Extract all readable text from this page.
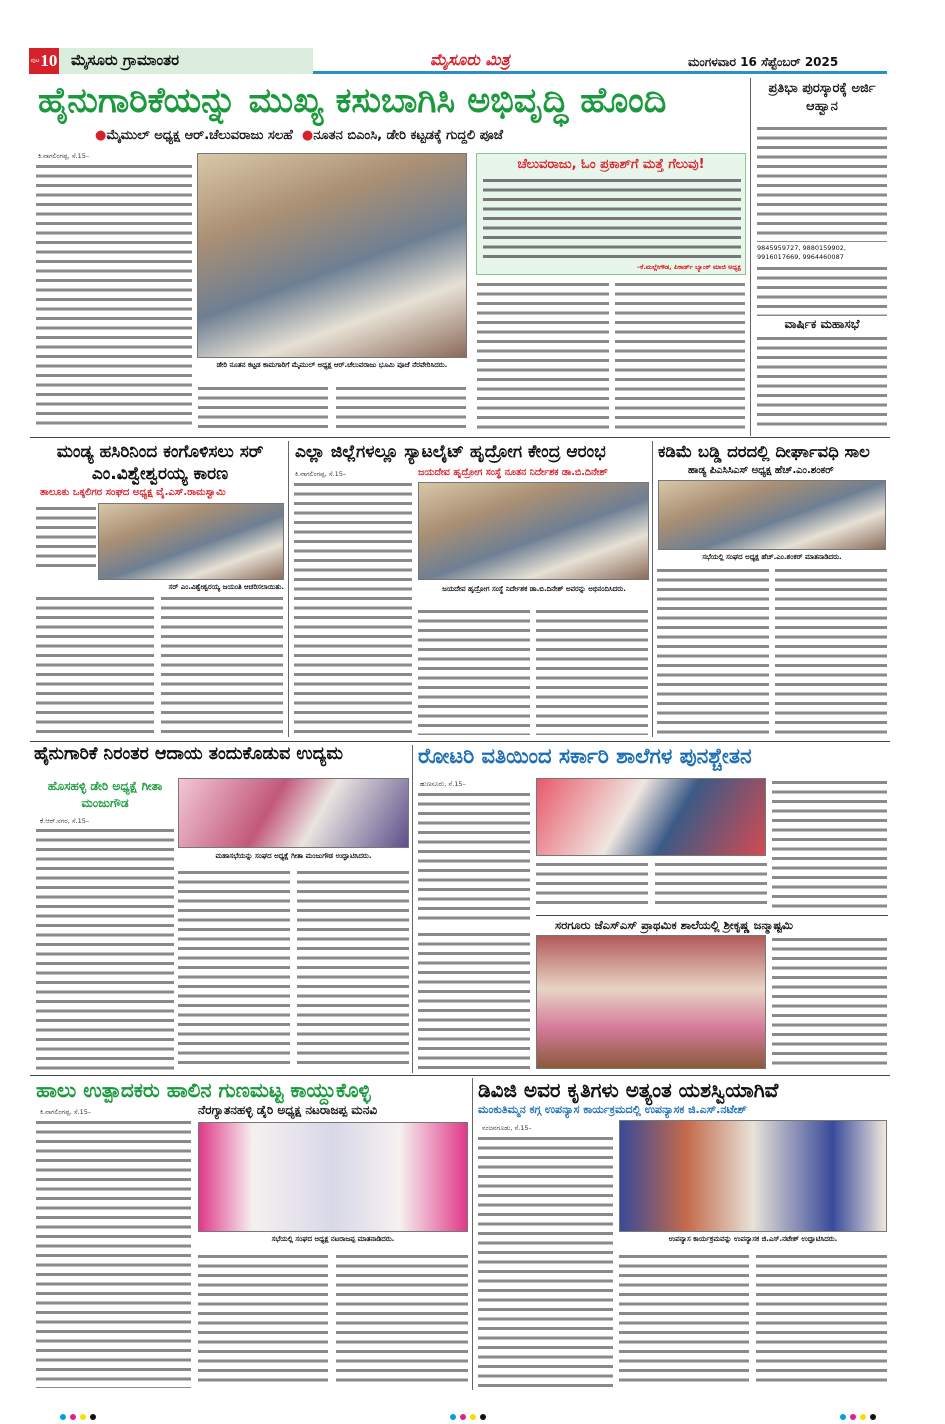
ಪುಟ 10 ಮೈಸೂರು ಗ್ರಾಮಾಂತರ	ಮೈಸೂರು ಮಿತ್ರ	ಮಂಗಳವಾರ 16 ಸೆಪ್ಟೆಂಬರ್ 2025
ಹೈನುಗಾರಿಕೆಯನ್ನು ಮುಖ್ಯ ಕಸುಬಾಗಿಸಿ ಅಭಿವೃದ್ಧಿ ಹೊಂದಿ
●ಮೈಮುಲ್ ಅಧ್ಯಕ್ಷ ಆರ್.ಚೆಲುವರಾಜು ಸಲಹೆ ●ನೂತನ ಬಿಎಂಸಿ, ಡೇರಿ ಕಟ್ಟಡಕ್ಕೆ ಗುದ್ದಲಿ ಪೂಜೆ
ಕಿ.ನಾಗಲಿಂಗಪ್ಪ, ಸೆ.15–
ಡೇರಿ ನೂತನ ಕಟ್ಟಡ ಕಾಮಗಾರಿಗೆ ಮೈಮುಲ್ ಅಧ್ಯಕ್ಷ ಆರ್.ಚೆಲುವರಾಜು ಭೂಮಿ ಪೂಜೆ ನೆರವೇರಿಸಿದರು.
ಚೆಲುವರಾಜು, ಓಂ ಪ್ರಕಾಶ್‌ಗೆ ಮತ್ತೆ ಗೆಲುವು!
–ಕೆ.ಮಲ್ಲೇಗೌಡ, ಪಿಕಾರ್ಡ್ ಬ್ಯಾಂಕ್ ಮಾಜಿ ಅಧ್ಯಕ್ಷ
ಪ್ರತಿಭಾ ಪುರಸ್ಕಾರಕ್ಕೆ ಅರ್ಜಿ ಆಹ್ವಾನ
9845959727, 9880159902, 9916017669, 9964460087
ವಾರ್ಷಿಕ ಮಹಾಸಭೆ
ಮಂಡ್ಯ ಹಸಿರಿನಿಂದ ಕಂಗೊಳಿಸಲು ಸರ್ ಎಂ.ವಿಶ್ವೇಶ್ವರಯ್ಯ ಕಾರಣ
ತಾಲೂಕು ಒಕ್ಕಲಿಗರ ಸಂಘದ ಅಧ್ಯಕ್ಷ ವೈ.ಎಸ್.ರಾಮಸ್ವಾಮಿ
ಸರ್ ಎಂ.ವಿಶ್ವೇಶ್ವರಯ್ಯ ಜಯಂತಿ ಆಚರಿಸಲಾಯಿತು.
ಎಲ್ಲಾ ಜಿಲ್ಲೆಗಳಲ್ಲೂ ಸ್ಯಾಟಲೈಟ್ ಹೃದ್ರೋಗ ಕೇಂದ್ರ ಆರಂಭ
ಜಯದೇವ ಹೃದ್ರೋಗ ಸಂಸ್ಥೆ ನೂತನ ನಿರ್ದೇಶಕ ಡಾ.ಬಿ.ದಿನೇಶ್
ಕಿ.ನಾಗಲಿಂಗಪ್ಪ, ಸೆ.15–
ಜಯದೇವ ಹೃದ್ರೋಗ ಸಂಸ್ಥೆ ನಿರ್ದೇಶಕ ಡಾ.ಬಿ.ದಿನೇಶ್ ಅವರನ್ನು ಅಭಿನಂದಿಸಿದರು.
ಕಡಿಮೆ ಬಡ್ಡಿ ದರದಲ್ಲಿ ದೀರ್ಘಾವಧಿ ಸಾಲ
ಹಾಡ್ಯ ಪಿಎಸಿಸಿಎಸ್ ಅಧ್ಯಕ್ಷ ಹೆಚ್.ಎಂ.ಶಂಕರ್
ಸಭೆಯಲ್ಲಿ ಸಂಘದ ಅಧ್ಯಕ್ಷ ಹೆಚ್.ಎಂ.ಶಂಕರ್ ಮಾತನಾಡಿದರು.
ಹೈನುಗಾರಿಕೆ ನಿರಂತರ ಆದಾಯ ತಂದುಕೊಡುವ ಉದ್ಯಮ
ಹೊಸಹಳ್ಳಿ ಡೇರಿ ಅಧ್ಯಕ್ಷೆ ಗೀತಾ ಮಂಜುಗೌಡ
ಕೆ.ಆರ್.ನಗರ, ಸೆ.15–
ಮಹಾಸಭೆಯನ್ನು ಸಂಘದ ಅಧ್ಯಕ್ಷೆ ಗೀತಾ ಮಂಜುಗೌಡ ಉದ್ಘಾಟಿಸಿದರು.
ರೋಟರಿ ವತಿಯಿಂದ ಸರ್ಕಾರಿ ಶಾಲೆಗಳ ಪುನಶ್ಚೇತನ
ಹುಣಸೂರು, ಸೆ.15–
ಸರಗೂರು ಜೆಎಸ್‌ಎಸ್ ಪ್ರಾಥಮಿಕ ಶಾಲೆಯಲ್ಲಿ ಶ್ರೀಕೃಷ್ಣ ಜನ್ಮಾಷ್ಟಮಿ
ಹಾಲು ಉತ್ಪಾದಕರು ಹಾಲಿನ ಗುಣಮಟ್ಟ ಕಾಯ್ದುಕೊಳ್ಳಿ
ನೆರಗ್ಯಾತನಹಳ್ಳಿ ಡೈರಿ ಅಧ್ಯಕ್ಷ ನಟರಾಜಪ್ಪ ಮನವಿ
ಕಿ.ನಾಗಲಿಂಗಪ್ಪ, ಸೆ.15–
ಸಭೆಯಲ್ಲಿ ಸಂಘದ ಅಧ್ಯಕ್ಷ ನಟರಾಜಪ್ಪ ಮಾತನಾಡಿದರು.
ಡಿವಿಜಿ ಅವರ ಕೃತಿಗಳು ಅತ್ಯಂತ ಯಶಸ್ವಿಯಾಗಿವೆ
ಮಂಕುತಿಮ್ಮನ ಕಗ್ಗ ಉಪನ್ಯಾಸ ಕಾರ್ಯಕ್ರಮದಲ್ಲಿ ಉಪನ್ಯಾಸಕ ಜಿ.ಎಸ್.ನಟೇಶ್
ನಂಜನಗೂಡು, ಸೆ.15–
ಉಪನ್ಯಾಸ ಕಾರ್ಯಕ್ರಮವನ್ನು ಉಪನ್ಯಾಸಕ ಜಿ.ಎಸ್.ನಟೇಶ್ ಉದ್ಘಾಟಿಸಿದರು.
